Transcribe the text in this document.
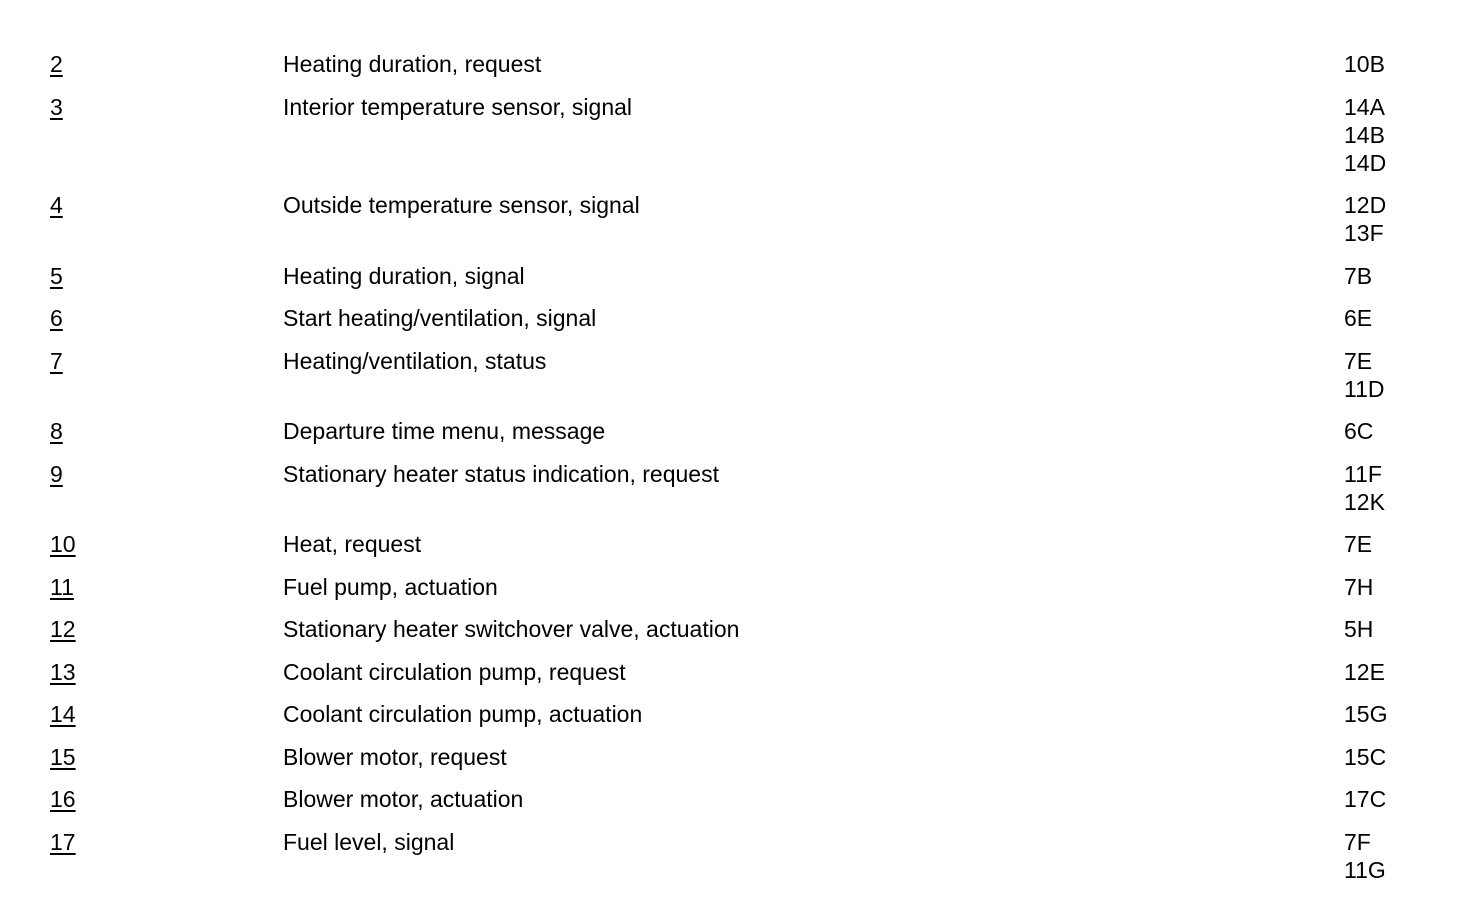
2	Heating duration, request	10B
3	Interior temperature sensor, signal	14A
14B
14D
4	Outside temperature sensor, signal	12D
13F
5	Heating duration, signal	7B
6	Start heating/ventilation, signal	6E
7	Heating/ventilation, status	7E
11D
8	Departure time menu, message	6C
9	Stationary heater status indication, request	11F
12K
10	Heat, request	7E
11	Fuel pump, actuation	7H
12	Stationary heater switchover valve, actuation	5H
13	Coolant circulation pump, request	12E
14	Coolant circulation pump, actuation	15G
15	Blower motor, request	15C
16	Blower motor, actuation	17C
17	Fuel level, signal	7F
11G
